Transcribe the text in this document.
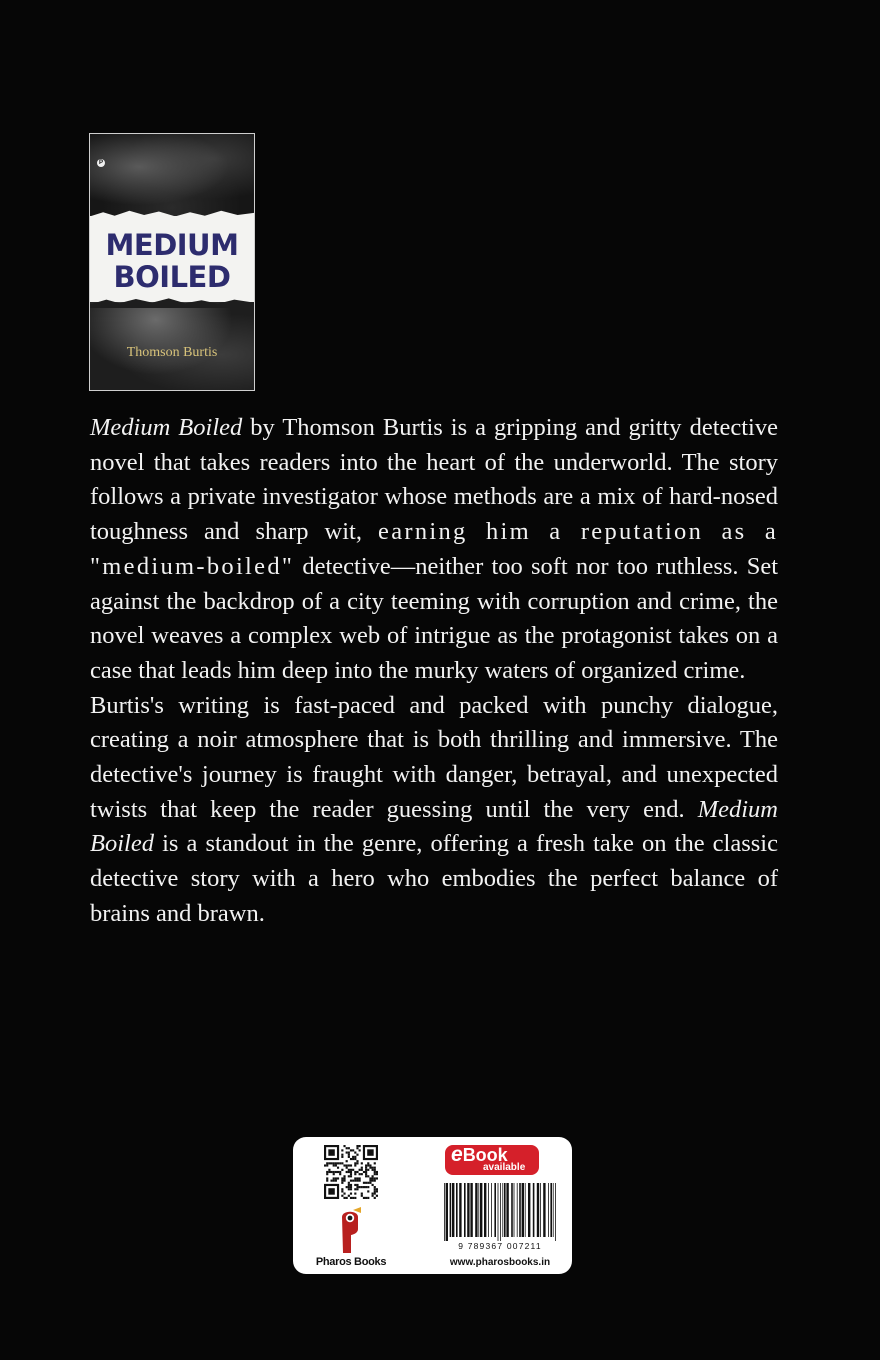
P
MEDIUM
BOILED
Thomson Burtis

Medium Boiled by Thomson Burtis is a gripping and gritty detective novel that takes readers into the heart of the underworld. The story follows a private investigator whose methods are a mix of hard-nosed toughness and sharp wit, earning him a reputation as a "medium-boiled" detective—neither too soft nor too ruthless. Set against the backdrop of a city teeming with corruption and crime, the novel weaves a complex web of intrigue as the protagonist takes on a case that leads him deep into the murky waters of organized crime.

Burtis's writing is fast-paced and packed with punchy dialogue, creating a noir atmosphere that is both thrilling and immersive. The detective's journey is fraught with danger, betrayal, and unexpected twists that keep the reader guessing until the very end. Medium Boiled is a standout in the genre, offering a fresh take on the classic detective story with a hero who embodies the perfect balance of brains and brawn.

Pharos Books
eBook
available
9 789367 007211
www.pharosbooks.in
